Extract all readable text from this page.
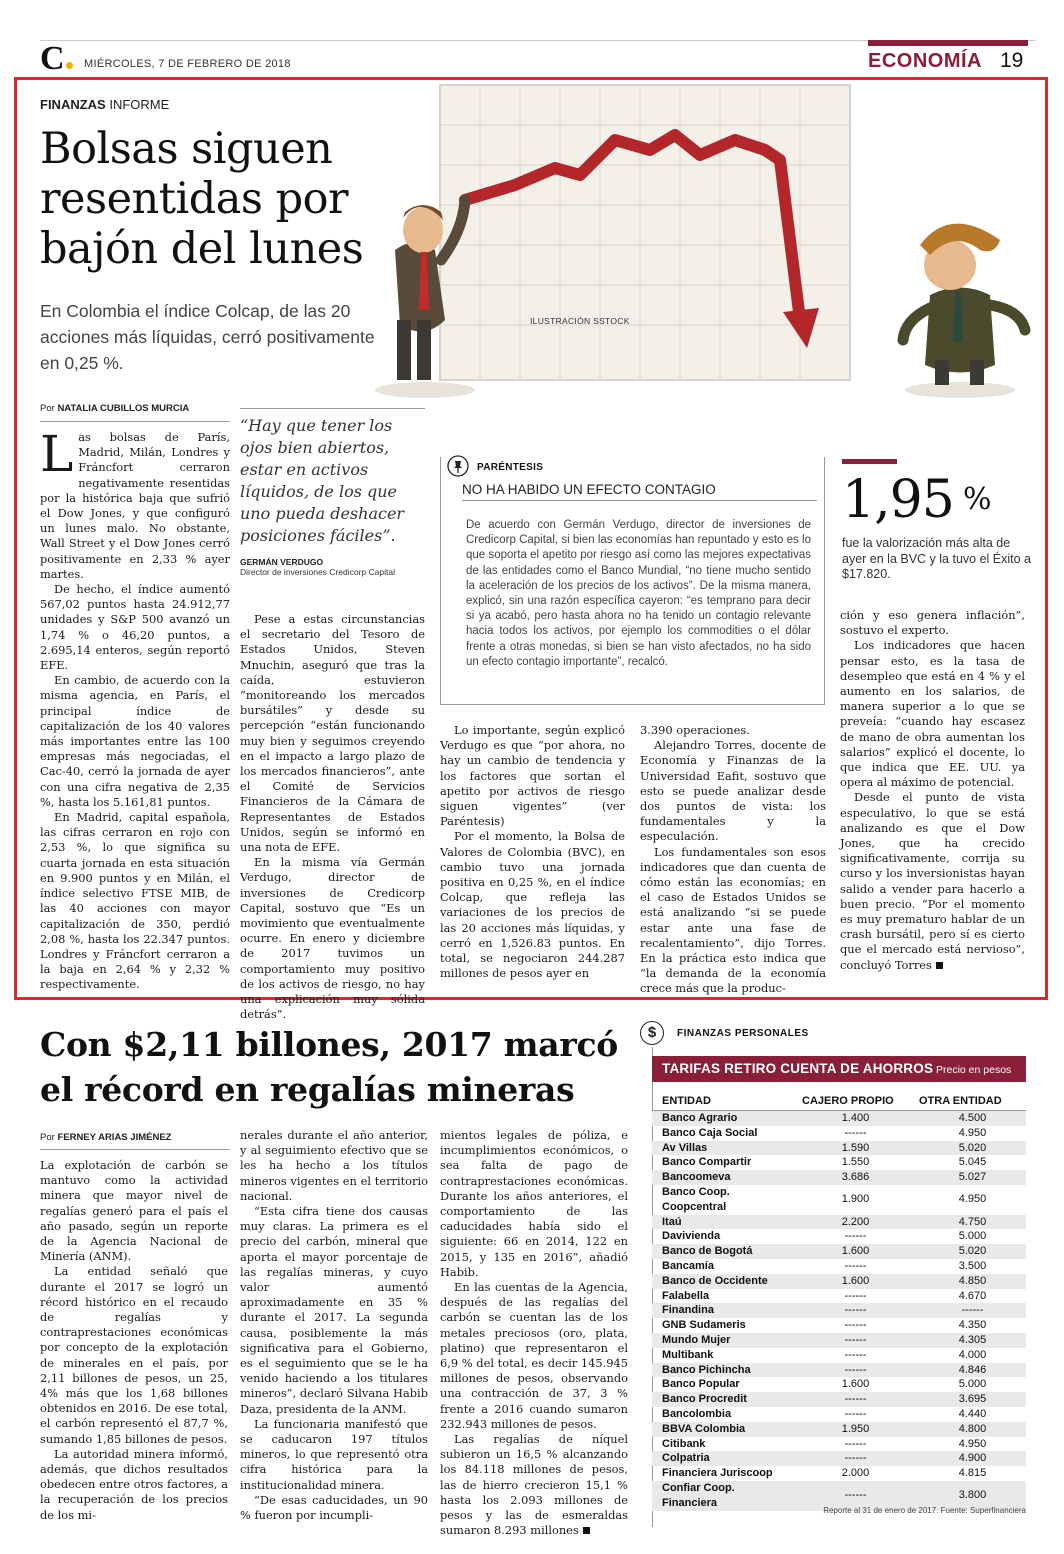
C	MIÉRCOLES, 7 DE FEBRERO DE 2018	ECONOMÍA 19
FINANZAS INFORME
Bolsas siguen resentidas por bajón del lunes
En Colombia el índice Colcap, de las 20 acciones más líquidas, cerró positivamente en 0,25 %.
ILUSTRACIÓN SSTOCK
Por NATALIA CUBILLOS MURCIA

Las bolsas de París, Madrid, Milán, Londres y Fráncfort cerraron negativamente resentidas por la histórica baja que sufrió el Dow Jones, y que configuró un lunes malo. No obstante, Wall Street y el Dow Jones cerró positivamente en 2,33 % ayer martes.

De hecho, el índice aumentó 567,02 puntos hasta 24.912,77 unidades y S&P 500 avanzó un 1,74 % o 46,20 puntos, a 2.695,14 enteros, según reportó EFE.

En cambio, de acuerdo con la misma agencia, en París, el principal índice de capitalización de los 40 valores más importantes entre las 100 empresas más negociadas, el Cac-40, cerró la jornada de ayer con una cifra negativa de 2,35 %, hasta los 5.161,81 puntos.

En Madrid, capital española, las cifras cerraron en rojo con 2,53 %, lo que significa su cuarta jornada en esta situación en 9.900 puntos y en Milán, el índice selectivo FTSE MIB, de las 40 acciones con mayor capitalización de 350, perdió 2,08 %, hasta los 22.347 puntos. Londres y Fráncfort cerraron a la baja en 2,64 % y 2,32 % respectivamente.

“Hay que tener los ojos bien abiertos, estar en activos líquidos, de los que uno pueda deshacer posiciones fáciles”.
GERMÁN VERDUGO
Director de inversiones Credicorp Capital

Pese a estas circunstancias el secretario del Tesoro de Estados Unidos, Steven Mnuchin, aseguró que tras la caída, estuvieron “monitoreando los mercados bursátiles” y desde su percepción “están funcionando muy bien y seguimos creyendo en el impacto a largo plazo de los mercados financieros”, ante el Comité de Servicios Financieros de la Cámara de Representantes de Estados Unidos, según se informó en una nota de EFE.

En la misma vía Germán Verdugo, director de inversiones de Credicorp Capital, sostuvo que “Es un movimiento que eventualmente ocurre. En enero y diciembre de 2017 tuvimos un comportamiento muy positivo de los activos de riesgo, no hay una explicación muy sólida detrás”.

PARÉNTESIS
NO HA HABIDO UN EFECTO CONTAGIO
De acuerdo con Germán Verdugo, director de inversiones de Credicorp Capital, si bien las economías han repuntado y esto es lo que soporta el apetito por riesgo así como las mejores expectativas de las entidades como el Banco Mundial, “no tiene mucho sentido la aceleración de los precios de los activos”. De la misma manera, explicó, sin una razón específica cayeron: “es temprano para decir si ya acabó, pero hasta ahora no ha tenido un contagio relevante hacia todos los activos, por ejemplo los commodities o el dólar frente a otras monedas, si bien se han visto afectados, no ha sido un efecto contagio importante”, recalcó.

Lo importante, según explicó Verdugo es que “por ahora, no hay un cambio de tendencia y los factores que sortan el apetito por activos de riesgo siguen vigentes” (ver Paréntesis)

Por el momento, la Bolsa de Valores de Colombia (BVC), en cambio tuvo una jornada positiva en 0,25 %, en el índice Colcap, que refleja las variaciones de los precios de las 20 acciones más líquidas, y cerró en 1,526.83 puntos. En total, se negociaron 244.287 millones de pesos ayer en

3.390 operaciones.

Alejandro Torres, docente de Economía y Finanzas de la Universidad Eafit, sostuvo que esto se puede analizar desde dos puntos de vista: los fundamentales y la especulación.

Los fundamentales son esos indicadores que dan cuenta de cómo están las economías; en el caso de Estados Unidos se está analizando “si se puede estar ante una fase de recalentamiento”, dijo Torres. En la práctica esto indica que “la demanda de la economía crece más que la produc-

1,95 %
fue la valorización más alta de ayer en la BVC y la tuvo el Éxito a $17.820.

ción y eso genera inflación”, sostuvo el experto.

Los indicadores que hacen pensar esto, es la tasa de desempleo que está en 4 % y el aumento en los salarios, de manera superior a lo que se preveía: “cuando hay escasez de mano de obra aumentan los salarios” explicó el docente, lo que indica que EE. UU. ya opera al máximo de potencial.

Desde el punto de vista especulativo, lo que se está analizando es que el Dow Jones, que ha crecido significativamente, corrija su curso y los inversionistas hayan salido a vender para hacerlo a buen precio. “Por el momento es muy prematuro hablar de un crash bursátil, pero sí es cierto que el mercado está nervioso”, concluyó Torres

Con $2,11 billones, 2017 marcó el récord en regalías mineras
Por FERNEY ARIAS JIMÉNEZ

La explotación de carbón se mantuvo como la actividad minera que mayor nivel de regalías generó para el país el año pasado, según un reporte de la Agencia Nacional de Minería (ANM).

La entidad señaló que durante el 2017 se logró un récord histórico en el recaudo de regalías y contraprestaciones económicas por concepto de la explotación de minerales en el país, por 2,11 billones de pesos, un 25, 4% más que los 1,68 billones obtenidos en 2016. De ese total, el carbón representó el 87,7 %, sumando 1,85 billones de pesos.

La autoridad minera informó, además, que dichos resultados obedecen entre otros factores, a la recuperación de los precios de los mi-

nerales durante el año anterior, y al seguimiento efectivo que se les ha hecho a los títulos mineros vigentes en el territorio nacional.

“Esta cifra tiene dos causas muy claras. La primera es el precio del carbón, mineral que aporta el mayor porcentaje de las regalías mineras, y cuyo valor aumentó aproximadamente en 35 % durante el 2017. La segunda causa, posiblemente la más significativa para el Gobierno, es el seguimiento que se le ha venido haciendo a los titulares mineros”, declaró Silvana Habib Daza, presidenta de la ANM.

La funcionaria manifestó que se caducaron 197 títulos mineros, lo que representó otra cifra histórica para la institucionalidad minera.

“De esas caducidades, un 90 % fueron por incumpli-

mientos legales de póliza, e incumplimientos económicos, o sea falta de pago de contraprestaciones económicas. Durante los años anteriores, el comportamiento de las caducidades había sido el siguiente: 66 en 2014, 122 en 2015, y 135 en 2016”, añadió Habib.

En las cuentas de la Agencia, después de las regalías del carbón se cuentan las de los metales preciosos (oro, plata, platino) que representaron el 6,9 % del total, es decir 145.945 millones de pesos, observando una contracción de 37, 3 % frente a 2016 cuando sumaron 232.943 millones de pesos.

Las regalías de níquel subieron un 16,5 % alcanzando los 84.118 millones de pesos, las de hierro crecieron 15,1 % hasta los 2.093 millones de pesos y las de esmeraldas sumaron 8.293 millones

$	FINANZAS PERSONALES
TARIFAS RETIRO CUENTA DE AHORROS Precio en pesos
ENTIDAD	CAJERO PROPIO	OTRA ENTIDAD
Banco Agrario	1.400	4.500
Banco Caja Social	------	4.950
Av Villas	1.590	5.020
Banco Compartir	1.550	5.045
Bancoomeva	3.686	5.027
Banco Coop. Coopcentral	1.900	4.950
Itaú	2.200	4.750
Davivienda	------	5.000
Banco de Bogotá	1.600	5.020
Bancamía	------	3.500
Banco de Occidente	1.600	4.850
Falabella	------	4.670
Finandina	------	------
GNB Sudameris	------	4.350
Mundo Mujer	------	4.305
Multibank	------	4.000
Banco Pichincha	------	4.846
Banco Popular	1.600	5.000
Banco Procredit	------	3.695
Bancolombia	------	4.440
BBVA Colombia	1.950	4.800
Citibank	------	4.950
Colpatria	------	4.900
Financiera Juriscoop	2.000	4.815
Confiar Coop. Financiera	------	3.800
Reporte al 31 de enero de 2017. Fuente: Superfinanciera
